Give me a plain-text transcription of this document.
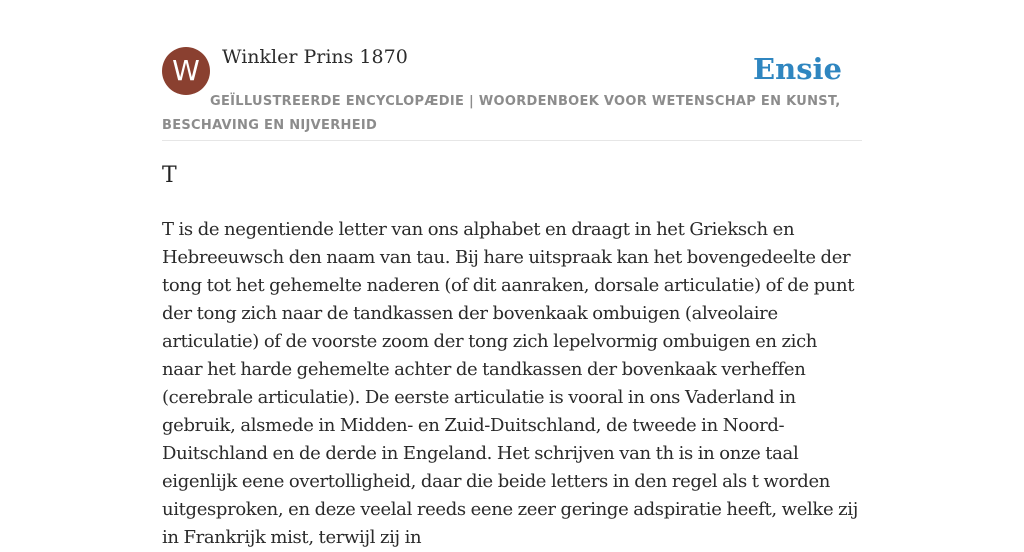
W	Winkler Prins 1870	Ensie
GEÏLLUSTREERDE ENCYCLOPÆDIE | WOORDENBOEK VOOR WETENSCHAP EN KUNST, BESCHAVING EN NIJVERHEID
T
T is de negentiende letter van ons alphabet en draagt in het Grieksch en Hebreeuwsch den naam van tau. Bij hare uitspraak kan het bovengedeelte der tong tot het gehemelte naderen (of dit aanraken, dorsale articulatie) of de punt der tong zich naar de tandkassen der bovenkaak ombuigen (alveolaire articulatie) of de voorste zoom der tong zich lepelvormig ombuigen en zich naar het harde gehemelte achter de tandkassen der bovenkaak verheffen (cerebrale articulatie). De eerste articulatie is vooral in ons Vaderland in gebruik, alsmede in Midden- en Zuid-Duitschland, de tweede in Noord-Duitschland en de derde in Engeland. Het schrijven van th is in onze taal eigenlijk eene overtolligheid, daar die beide letters in den regel als t worden uitgesproken, en deze veelal reeds eene zeer geringe adspiratie heeft, welke zij in Frankrijk mist, terwijl zij in
